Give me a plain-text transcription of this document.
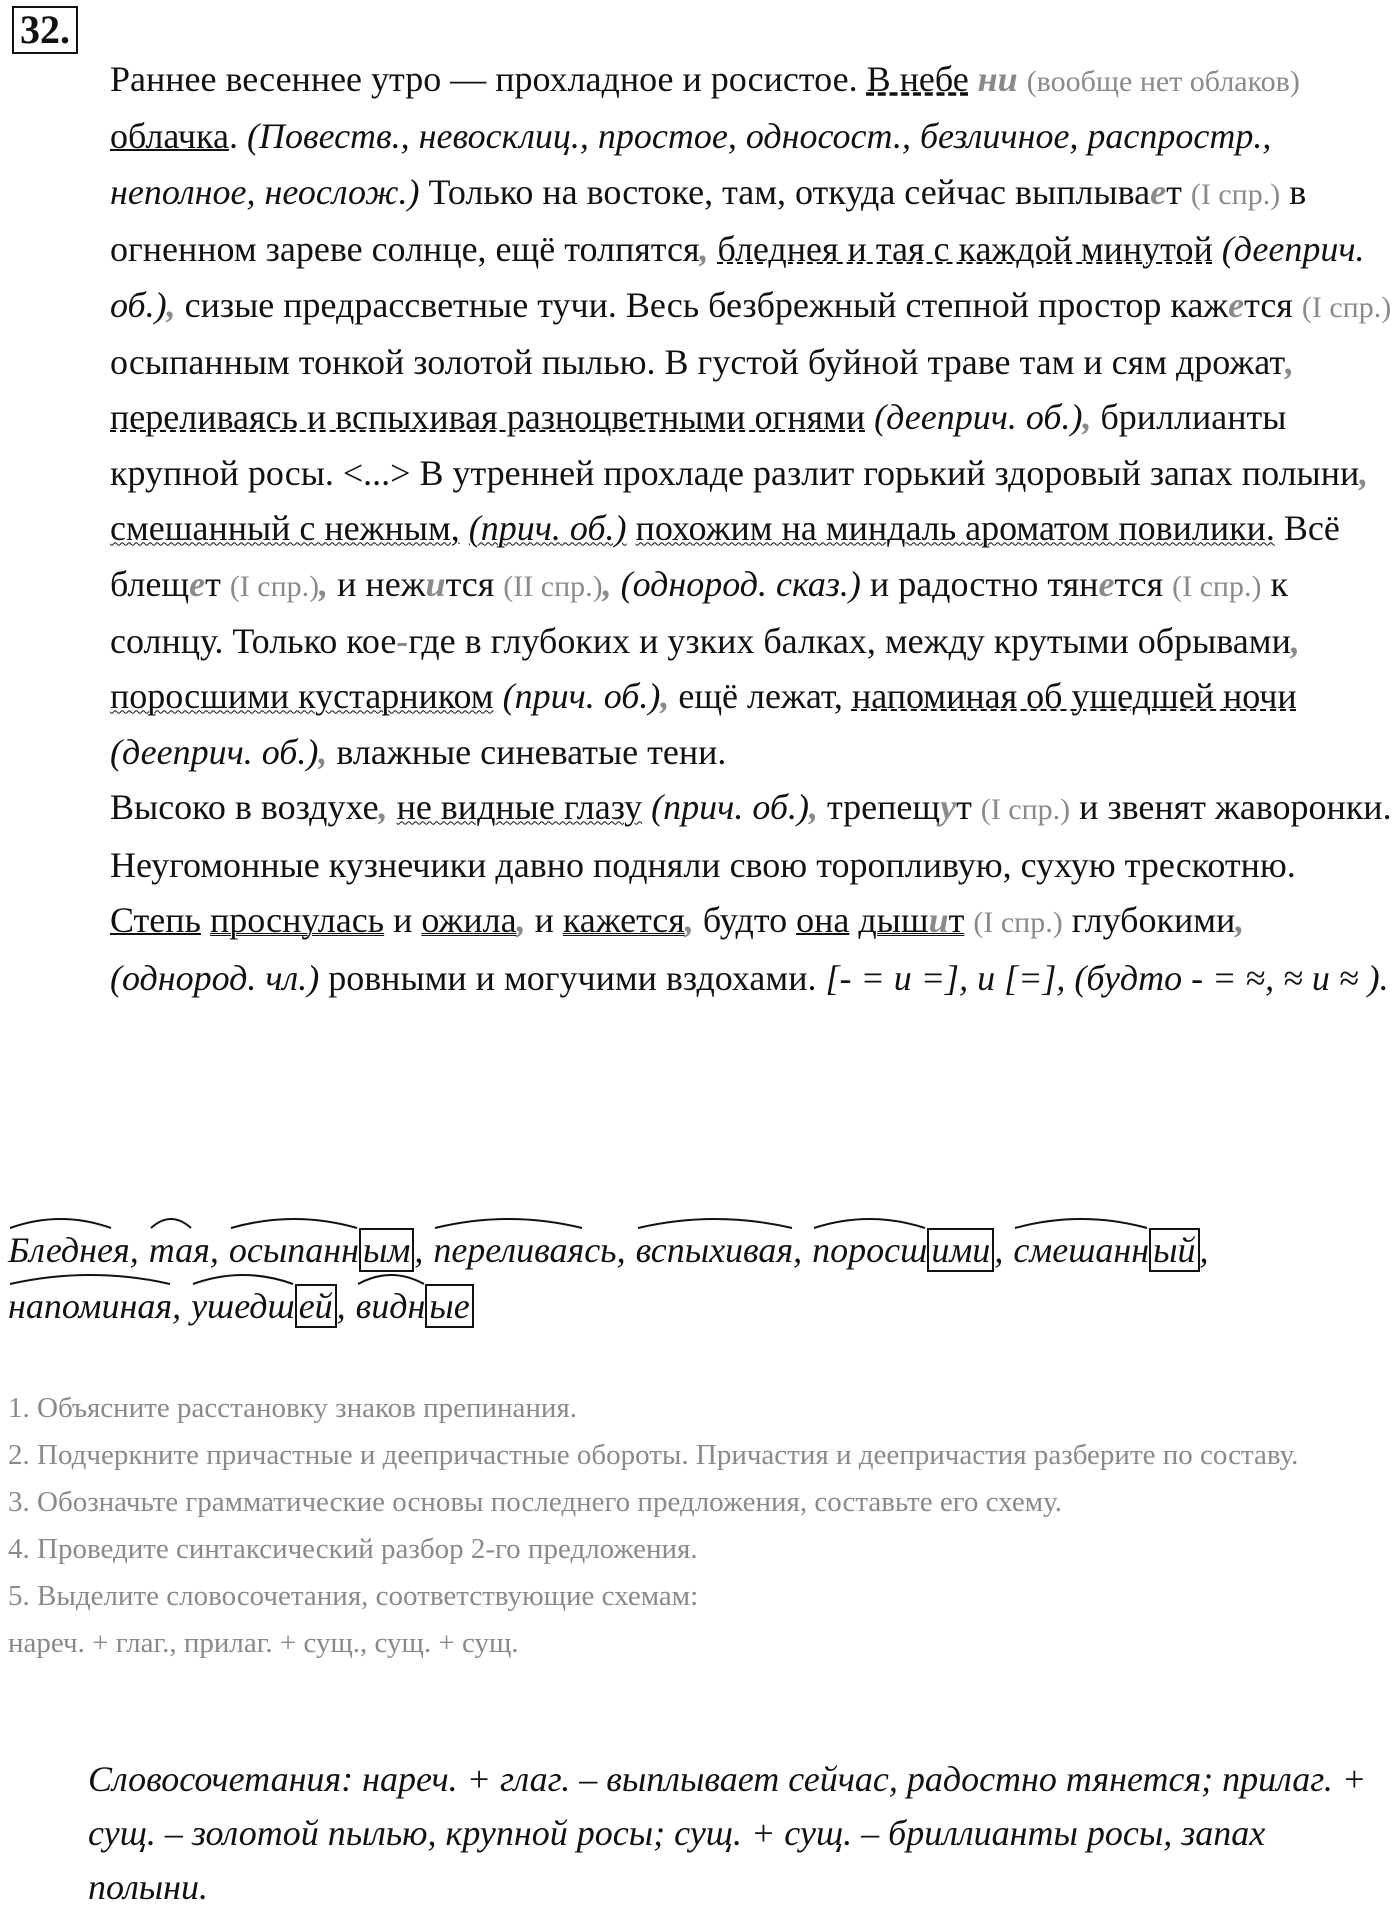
32.
Раннее весеннее утро — прохладное и росистое. В небе ни (вообще нет облаков) облачка. (Повеств., невосклиц., простое, односост., безличное, распростр., неполное, неослож.) Только на востоке, там, откуда сейчас выплывает (I спр.) в огненном зареве солнце, ещё толпятся, бледнея и тая с каждой минутой (дееприч. об.), сизые предрассветные тучи. Весь безбрежный степной простор кажется (I спр.) осыпанным тонкой золотой пылью. В густой буйной траве там и сям дрожат, переливаясь и вспыхивая разноцветными огнями (дееприч. об.), бриллианты крупной росы. <...> В утренней прохладе разлит горький здоровый запах полыни, смешанный с нежным, (прич. об.) похожим на миндаль ароматом повилики. Всё блещет (I спр.), и нежится (II спр.), (однород. сказ.) и радостно тянется (I спр.) к солнцу. Только кое-где в глубоких и узких балках, между крутыми обрывами, поросшими кустарником (прич. об.), ещё лежат, напоминая об ушедшей ночи (дееприч. об.), влажные синеватые тени.
Высоко в воздухе, не видные глазу (прич. об.), трепещут (I спр.) и звенят жаворонки. Неугомонные кузнечики давно подняли свою торопливую, сухую трескотню.
Степь проснулась и ожила, и кажется, будто она дышит (I спр.) глубокими, (однород. чл.) ровными и могучими вздохами. [- = и =], и [=], (будто - = ≈, ≈ и ≈ ).
Бледнея, тая, осыпанн ым , переливаясь, вспыхивая, поросш ими , смешанн ый ,
напоминая, ушедш ей , видн ые
1. Объясните расстановку знаков препинания.
2. Подчеркните причастные и деепричастные обороты. Причастия и деепричастия разберите по составу.
3. Обозначьте грамматические основы последнего предложения, составьте его схему.
4. Проведите синтаксический разбор 2-го предложения.
5. Выделите словосочетания, соответствующие схемам:
нареч. + глаг., прилаг. + сущ., сущ. + сущ.
Словосочетания: нареч. + глаг. – выплывает сейчас, радостно тянется; прилаг. + сущ. – золотой пылью, крупной росы; сущ. + сущ. – бриллианты росы, запах полыни.
